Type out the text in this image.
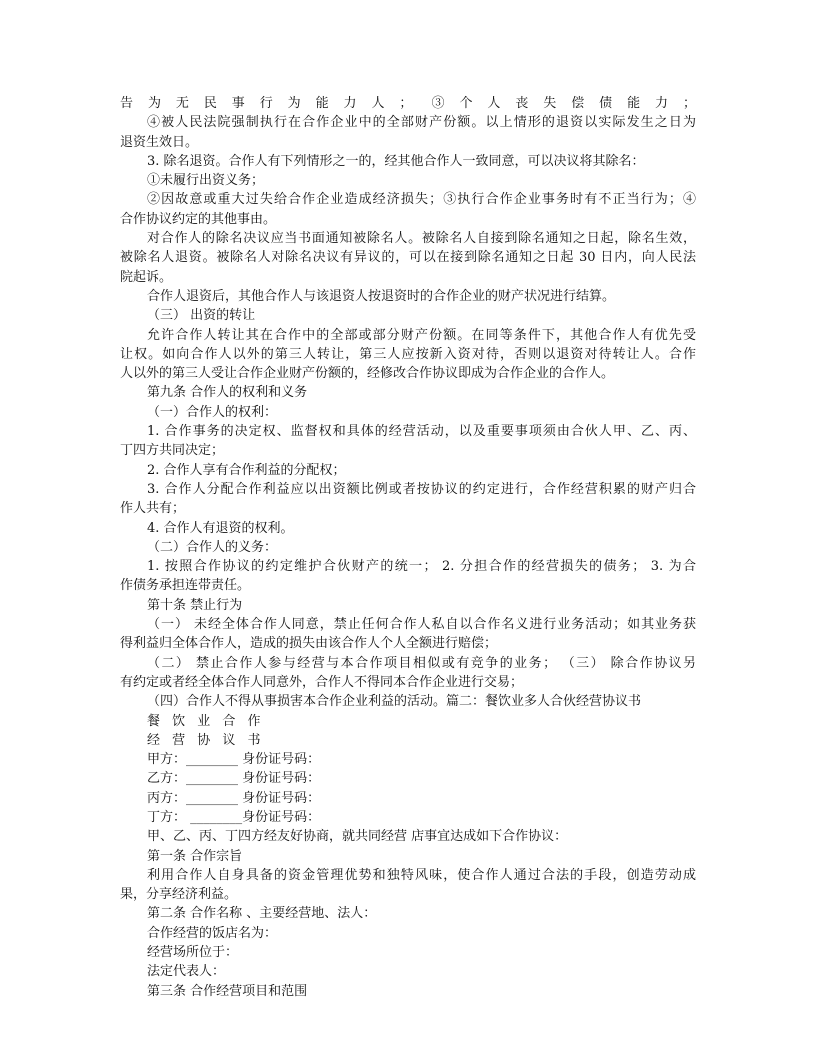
告为无民事行为能力人； ③个人丧失偿债能力；
④被人民法院强制执行在合作企业中的全部财产份额。以上情形的退资以实际发生之日为
退资生效日。
3. 除名退资。合作人有下列情形之一的，经其他合作人一致同意，可以决议将其除名：
①未履行出资义务；
②因故意或重大过失给合作企业造成经济损失；③执行合作企业事务时有不正当行为；④
合作协议约定的其他事由。
对合作人的除名决议应当书面通知被除名人。被除名人自接到除名通知之日起，除名生效，
被除名人退资。被除名人对除名决议有异议的，可以在接到除名通知之日起 30 日内，向人民法
院起诉。
合作人退资后，其他合作人与该退资人按退资时的合作企业的财产状况进行结算。
（三） 出资的转让
允许合作人转让其在合作中的全部或部分财产份额。在同等条件下，其他合作人有优先受
让权。如向合作人以外的第三人转让，第三人应按新入资对待，否则以退资对待转让人。合作
人以外的第三人受让合作企业财产份额的，经修改合作协议即成为合作企业的合作人。
第九条 合作人的权利和义务
（一）合作人的权利：
1. 合作事务的决定权、监督权和具体的经营活动，以及重要事项须由合伙人甲、乙、丙、
丁四方共同决定；
2. 合作人享有合作利益的分配权；
3. 合作人分配合作利益应以出资额比例或者按协议的约定进行，合作经营积累的财产归合
作人共有；
4. 合作人有退资的权利。
（二）合作人的义务：
1. 按照合作协议的约定维护合伙财产的统一； 2. 分担合作的经营损失的债务； 3. 为合
作债务承担连带责任。
第十条 禁止行为
（一） 未经全体合作人同意，禁止任何合作人私自以合作名义进行业务活动；如其业务获
得利益归全体合作人，造成的损失由该合作人个人全额进行赔偿；
（二） 禁止合作人参与经营与本合作项目相似或有竞争的业务； （三） 除合作协议另
有约定或者经全体合作人同意外，合作人不得同本合作企业进行交易；
（四）合作人不得从事损害本合作企业利益的活动。篇二：餐饮业多人合伙经营协议书
餐 饮 业 合 作
经 营 协 议 书
甲方：________ 身份证号码：
乙方：________ 身份证号码：
丙方：________ 身份证号码：
丁方： ________身份证号码：
甲、乙、丙、丁四方经友好协商，就共同经营 店事宜达成如下合作协议：
第一条 合作宗旨
利用合作人自身具备的资金管理优势和独特风味，使合作人通过合法的手段，创造劳动成
果，分享经济利益。
第二条 合作名称 、主要经营地、法人：
合作经营的饭店名为：
经营场所位于：
法定代表人：
第三条 合作经营项目和范围
